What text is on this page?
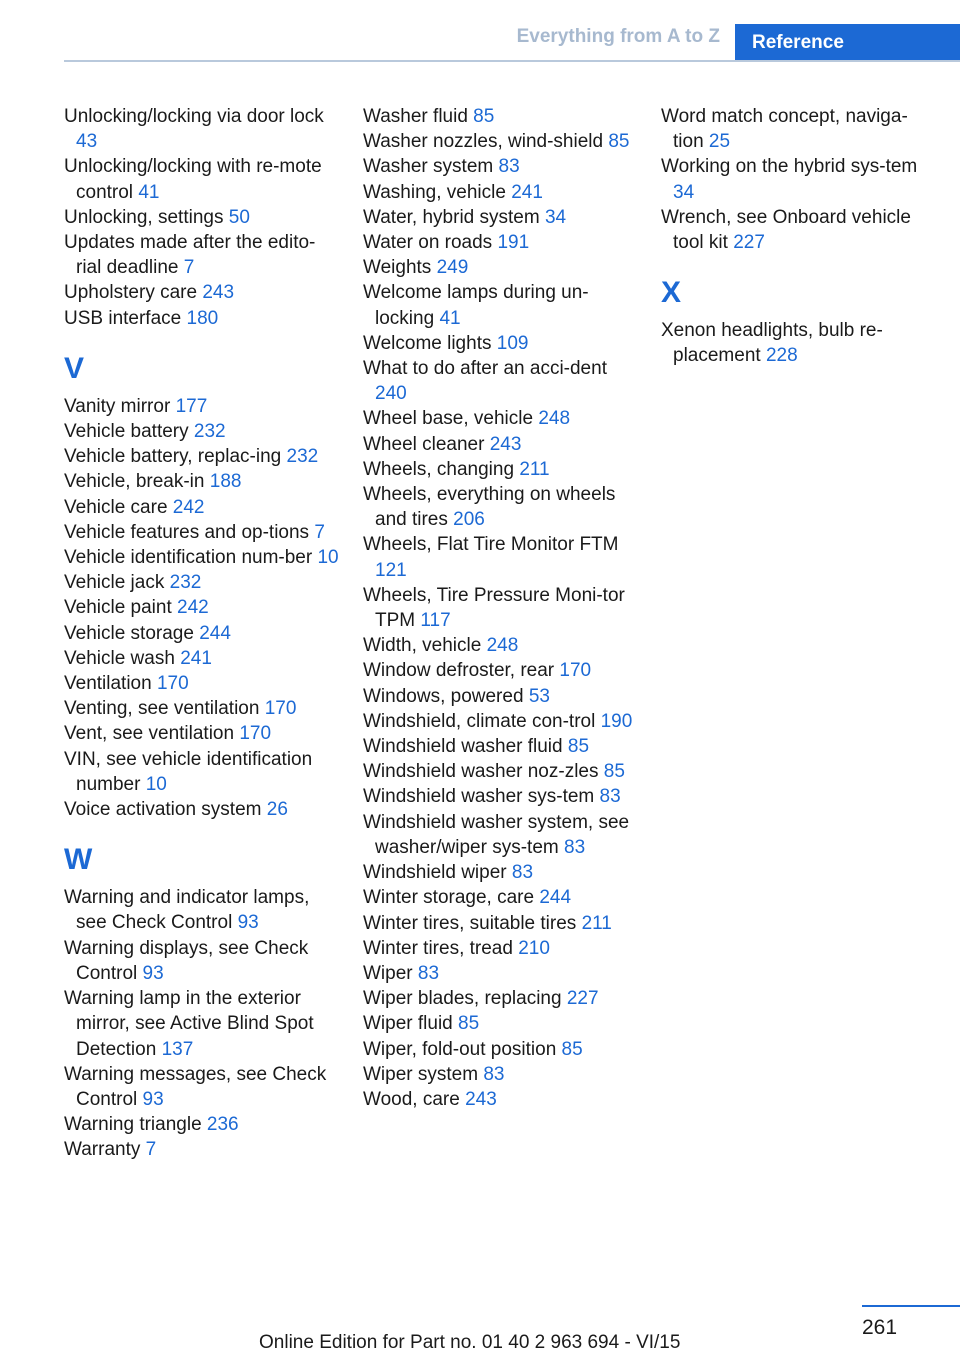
Everything from A to Z	Reference
Unlocking/locking via door lock 43
Unlocking/locking with re-mote control 41
Unlocking, settings 50
Updates made after the edito-rial deadline 7
Upholstery care 243
USB interface 180
V
Vanity mirror 177
Vehicle battery 232
Vehicle battery, replac-ing 232
Vehicle, break-in 188
Vehicle care 242
Vehicle features and op-tions 7
Vehicle identification num-ber 10
Vehicle jack 232
Vehicle paint 242
Vehicle storage 244
Vehicle wash 241
Ventilation 170
Venting, see ventilation 170
Vent, see ventilation 170
VIN, see vehicle identification number 10
Voice activation system 26
W
Warning and indicator lamps, see Check Control 93
Warning displays, see Check Control 93
Warning lamp in the exterior mirror, see Active Blind Spot Detection 137
Warning messages, see Check Control 93
Warning triangle 236
Warranty 7
Washer fluid 85
Washer nozzles, wind-shield 85
Washer system 83
Washing, vehicle 241
Water, hybrid system 34
Water on roads 191
Weights 249
Welcome lamps during un-locking 41
Welcome lights 109
What to do after an acci-dent 240
Wheel base, vehicle 248
Wheel cleaner 243
Wheels, changing 211
Wheels, everything on wheels and tires 206
Wheels, Flat Tire Monitor FTM 121
Wheels, Tire Pressure Moni-tor TPM 117
Width, vehicle 248
Window defroster, rear 170
Windows, powered 53
Windshield, climate con-trol 190
Windshield washer fluid 85
Windshield washer noz-zles 85
Windshield washer sys-tem 83
Windshield washer system, see washer/wiper sys-tem 83
Windshield wiper 83
Winter storage, care 244
Winter tires, suitable tires 211
Winter tires, tread 210
Wiper 83
Wiper blades, replacing 227
Wiper fluid 85
Wiper, fold-out position 85
Wiper system 83
Wood, care 243
Word match concept, naviga-tion 25
Working on the hybrid sys-tem 34
Wrench, see Onboard vehicle tool kit 227
X
Xenon headlights, bulb re-placement 228
261
Online Edition for Part no. 01 40 2 963 694 - VI/15
